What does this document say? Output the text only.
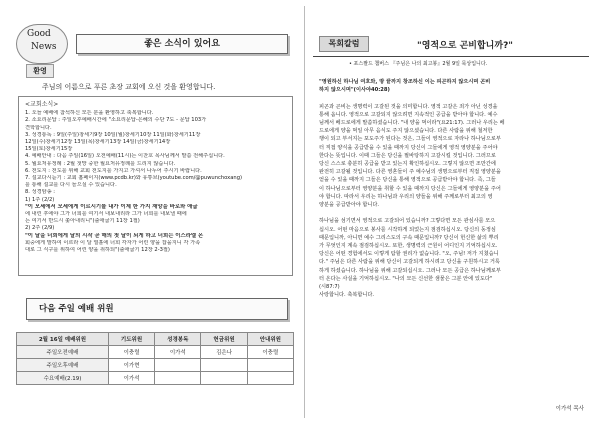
Good
News	좋은 소식이 있어요
환영
주님의 이름으로 푸른 초장 교회에 오신 것을 환영합니다.
<교회소식>
1. 오늘 예배에 참석하신 모든 분을 환영하고 축복합니다.
2. 소요리문답 : 주일오후예배시간에 "소요리문답-은혜의 수단 7도 - 문답 103가
견학합니다.
3. 성경통독 : 9일(주일)창세기9장 10일(월)창세기10장 11일(화)창세기11장
12일(수)창세기12장 13일(목)창세기13장 14일(금)창세기14장
15일(토)창세기15장
4. 예배안내 : 다음 주일(16일) 오전예배(11시)는 이찬호 목사님께서 말씀 전해주십니다.
5. 월요처유정례 : 2월 첫망 중한 월요처유정례를 드리지 않습니다.
6. 전도지 : 전도를 위해 교회 전도지를 가지고 가셔서 나누어 주시기 바랍니다.
7. 설교다시듣기 : 교회 홈페이지(www.pcdb.kr)와 유튜브(youtube.com/@puwunchoxang)
를 통해 설교를 다시 들으실 수 있습니다.
8. 성경암송 :
1) 1주 (2/2)
"이 모세에서 모세에게 이르시기를 내가 이제 한 가지 재앙을 바로와 애굽
에 내린 후에야 그가 너희를 여기서 내보내리라 그가 너희를 내보낼 때에
는 여기서 반드시 쫓아내리니"(출애굽기 11장 1절)
2) 2주 (2/9)
"이 달을 너희에게 달의 시작 곧 해의 첫 달이 되게 하고 너희는 이스라엘 온
회중에게 말하여 이르라 이 달 열흘에 너희 각자가 어린 양을 잡을지니 각 가족
대로 그 식구를 위하여 어린 양을 취하되"(출애굽기 12장 2-3절)
다음 주일 예배 위원
2월 16일 예배위원	기도위원	성경봉독	헌금위원	안내위원
주일오전예배	이충렬	이가석	김은나	이충렬
주일오후예배	이가현			
수요예배(2.19)	이가석			
목회칼럼	"영적으로 곤비합니까?"
• 포스팔드 챔버스 『주님은 나의 최고봉』2월 9일 묵상입니다.
"영원하신 하나님 여호와, 땅 끝까지 창조하신 이는 피곤하지 않으시며 곤비
하지 않으시며"(이사야40:28)

피곤과 곤비는 생명력이 고갈된 것을 의미합니다. 영적 고갈은 죄가 아닌 성경을
통해 옵니다. 영적으로 고갈되지 않으려면 지속적인 공급을 받아야 합니다. 예수
님께서 베드로에게 말씀하셨습니다. "내 양을 먹이라"(요21:17). 그러나 우리는 베
드로에게 양을 먹일 아무 음식도 주지 않으셨습니다. 다른 사람을 위해 철저한
행이 되고 부서지는 포도주가 된다는 것은, 그들이 영적으로 자라나 하나님으로부
터 직접 양식을 공급받을 수 있을 때까지 당신이 그들에게 영적 영양분을 주어야
한다는 뜻입니다. 이때 그들은 당신을 필바탕하지 고갈시킬 것입니다. 그러므로
당신 스스로 충분히 공급을 받고 있는지 확인하십시오. 그렇지 않으면 조만간에
완전히 고갈될 것입니다. 다른 영혼들이 주 예수님의 생명으로부터 직접 영양분을
얻을 수 있을 때까지 그들은 당신을 통해 영적으로 공급받아야 합니다. 즉, 그들
이 하나님으로부터 영양분을 취할 수 있을 때까지 당신은 그들에게 영양분을 주어
야 합니다. 따라서 우리는 하나님과 우리의 양들을 위해 주께로부터 최고의 영
양분을 공급받아야 합니다.

하나님을 섬기면서 영적으로 고갈되어 있습니까? 그렇다면 모든 관심사를 모으
십시오. 어떤 마음으로 봉사를 시작하게 되었는지 점검하십시오. 당신의 동정심
때문입니까, 아니면 예수 그리스도의 구속 때문입니까? 당신이 헌신한 삶의 뿌리
가 무엇인지 계속 점검하십시오. 또한, 생명력의 근원이 어디인지 기억하십시오.
당신은 어떤 경험에서도 이렇게 탐할 권리가 없습니다. "오, 주님! 저가 지쳤습니
다." 주님은 다른 사람을 위해 당신이 고갈되게 하시려고 당신을 구원하시고 거룩
하게 하셨습니다. 하나님을 위해 고갈되십시오. 그러나 모든 공급은 하나님께로부
터 온다는 사실을 기억하십시오. "나의 모든 신선한 샘물은 그분 안에 있도다"
(시87:7)
사랑합니다. 축복합니다.
이가석 목사
